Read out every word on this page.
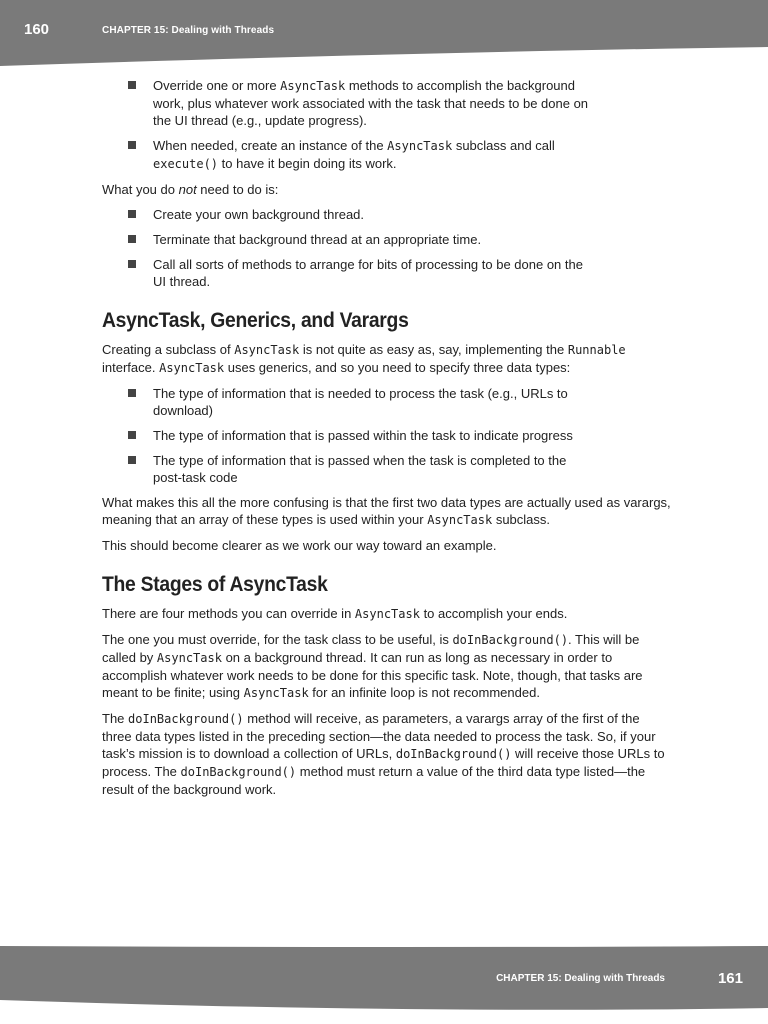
160	CHAPTER 15: Dealing with Threads
Override one or more AsyncTask methods to accomplish the background work, plus whatever work associated with the task that needs to be done on the UI thread (e.g., update progress).
When needed, create an instance of the AsyncTask subclass and call execute() to have it begin doing its work.

What you do not need to do is:

Create your own background thread.
Terminate that background thread at an appropriate time.
Call all sorts of methods to arrange for bits of processing to be done on the UI thread.
AsyncTask, Generics, and Varargs

Creating a subclass of AsyncTask is not quite as easy as, say, implementing the Runnable interface. AsyncTask uses generics, and so you need to specify three data types:

The type of information that is needed to process the task (e.g., URLs to download)
The type of information that is passed within the task to indicate progress
The type of information that is passed when the task is completed to the post-task code

What makes this all the more confusing is that the first two data types are actually used as varargs, meaning that an array of these types is used within your AsyncTask subclass.

This should become clearer as we work our way toward an example.

The Stages of AsyncTask

There are four methods you can override in AsyncTask to accomplish your ends.

The one you must override, for the task class to be useful, is doInBackground(). This will be called by AsyncTask on a background thread. It can run as long as necessary in order to accomplish whatever work needs to be done for this specific task. Note, though, that tasks are meant to be finite; using AsyncTask for an infinite loop is not recommended.

The doInBackground() method will receive, as parameters, a varargs array of the first of the three data types listed in the preceding section—the data needed to process the task. So, if your task’s mission is to download a collection of URLs, doInBackground() will receive those URLs to process. The doInBackground() method must return a value of the third data type listed—the result of the background work.

CHAPTER 15: Dealing with Threads	161
